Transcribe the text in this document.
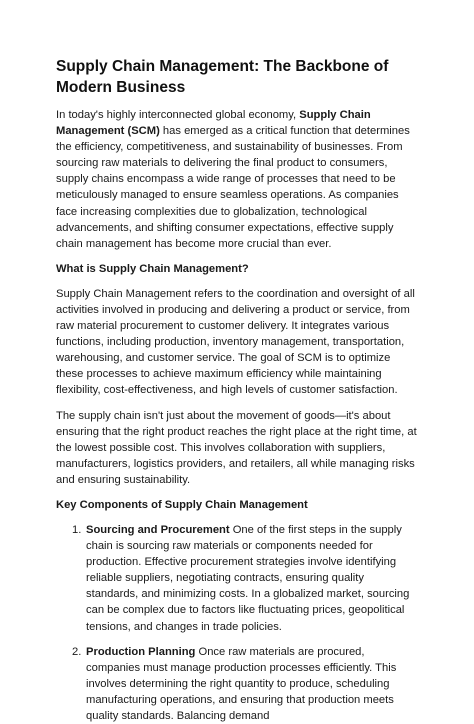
Supply Chain Management: The Backbone of Modern Business

In today's highly interconnected global economy, Supply Chain Management (SCM) has emerged as a critical function that determines the efficiency, competitiveness, and sustainability of businesses. From sourcing raw materials to delivering the final product to consumers, supply chains encompass a wide range of processes that need to be meticulously managed to ensure seamless operations. As companies face increasing complexities due to globalization, technological advancements, and shifting consumer expectations, effective supply chain management has become more crucial than ever.

What is Supply Chain Management?

Supply Chain Management refers to the coordination and oversight of all activities involved in producing and delivering a product or service, from raw material procurement to customer delivery. It integrates various functions, including production, inventory management, transportation, warehousing, and customer service. The goal of SCM is to optimize these processes to achieve maximum efficiency while maintaining flexibility, cost-effectiveness, and high levels of customer satisfaction.

The supply chain isn't just about the movement of goods—it's about ensuring that the right product reaches the right place at the right time, at the lowest possible cost. This involves collaboration with suppliers, manufacturers, logistics providers, and retailers, all while managing risks and ensuring sustainability.

Key Components of Supply Chain Management
1. Sourcing and Procurement One of the first steps in the supply chain is sourcing raw materials or components needed for production. Effective procurement strategies involve identifying reliable suppliers, negotiating contracts, ensuring quality standards, and minimizing costs. In a globalized market, sourcing can be complex due to factors like fluctuating prices, geopolitical tensions, and changes in trade policies.
2. Production Planning Once raw materials are procured, companies must manage production processes efficiently. This involves determining the right quantity to produce, scheduling manufacturing operations, and ensuring that production meets quality standards. Balancing demand
